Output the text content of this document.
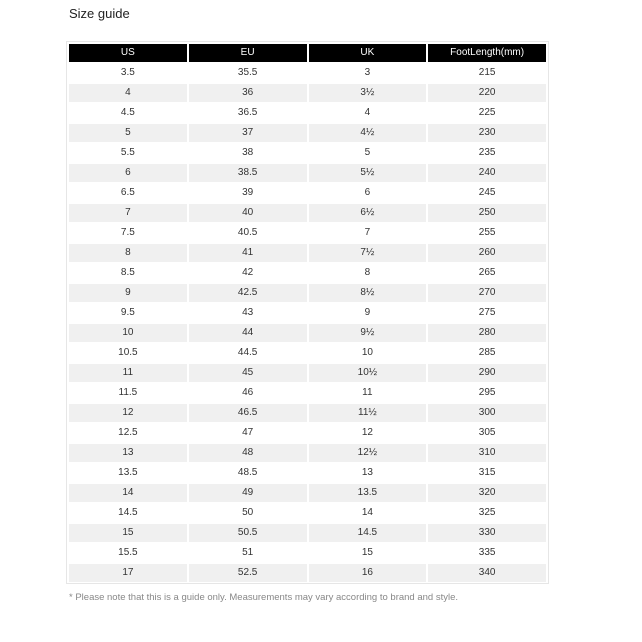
Size guide
US	EU	UK	FootLength(mm)
3.5	35.5	3	215
4	36	3½	220
4.5	36.5	4	225
5	37	4½	230
5.5	38	5	235
6	38.5	5½	240
6.5	39	6	245
7	40	6½	250
7.5	40.5	7	255
8	41	7½	260
8.5	42	8	265
9	42.5	8½	270
9.5	43	9	275
10	44	9½	280
10.5	44.5	10	285
11	45	10½	290
11.5	46	11	295
12	46.5	11½	300
12.5	47	12	305
13	48	12½	310
13.5	48.5	13	315
14	49	13.5	320
14.5	50	14	325
15	50.5	14.5	330
15.5	51	15	335
17	52.5	16	340
* Please note that this is a guide only. Measurements may vary according to brand and style.
